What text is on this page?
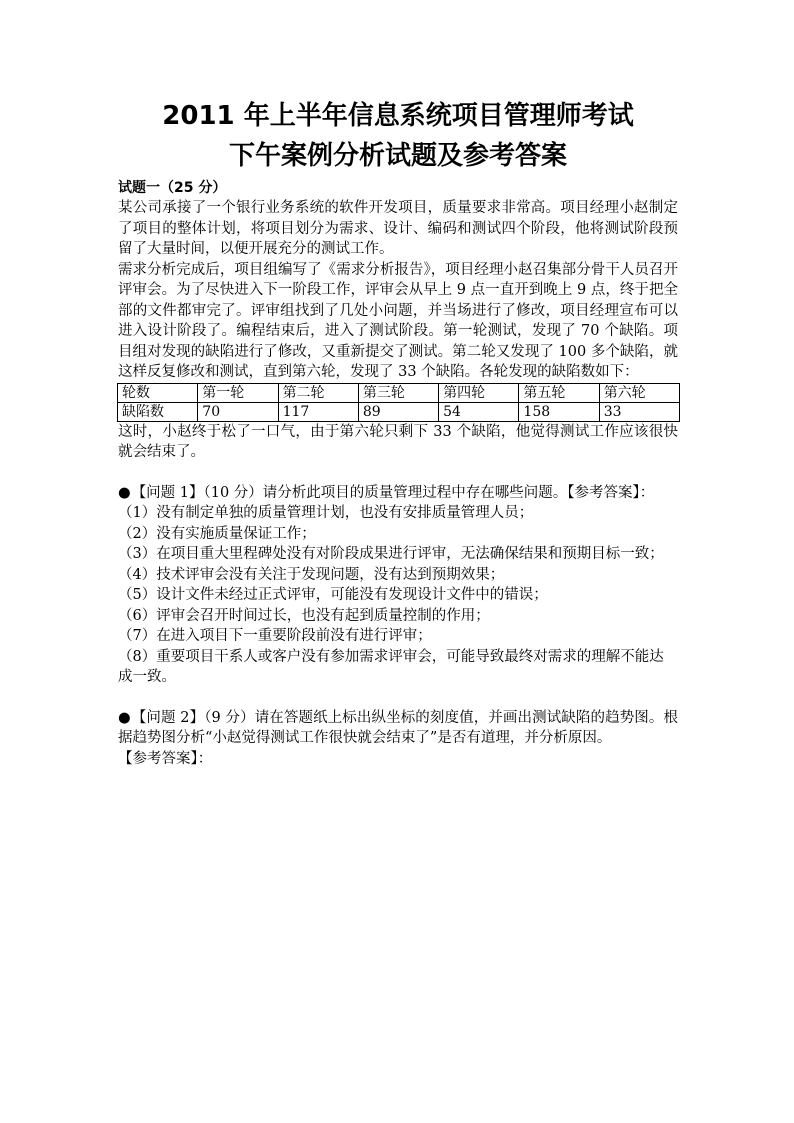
2011 年上半年信息系统项目管理师考试

下午案例分析试题及参考答案

试题一（25 分）

某公司承接了一个银行业务系统的软件开发项目，质量要求非常高。项目经理小赵制定了项目的整体计划，将项目划分为需求、设计、编码和测试四个阶段，他将测试阶段预留了大量时间，以便开展充分的测试工作。

需求分析完成后，项目组编写了《需求分析报告》，项目经理小赵召集部分骨干人员召开评审会。为了尽快进入下一阶段工作，评审会从早上 9 点一直开到晚上 9 点，终于把全部的文件都审完了。评审组找到了几处小问题，并当场进行了修改，项目经理宣布可以进入设计阶段了。编程结束后，进入了测试阶段。第一轮测试，发现了 70 个缺陷。项目组对发现的缺陷进行了修改，又重新提交了测试。第二轮又发现了 100 多个缺陷，就这样反复修改和测试，直到第六轮，发现了 33 个缺陷。各轮发现的缺陷数如下：

轮数	第一轮	第二轮	第三轮	第四轮	第五轮	第六轮
缺陷数	70	117	89	54	158	33

这时，小赵终于松了一口气，由于第六轮只剩下 33 个缺陷，他觉得测试工作应该很快就会结束了。

●【问题 1】（10 分）请分析此项目的质量管理过程中存在哪些问题。【参考答案】：

（1）没有制定单独的质量管理计划，也没有安排质量管理人员；

（2）没有实施质量保证工作；

（3）在项目重大里程碑处没有对阶段成果进行评审，无法确保结果和预期目标一致；

（4）技术评审会没有关注于发现问题，没有达到预期效果；

（5）设计文件未经过正式评审，可能没有发现设计文件中的错误；

（6）评审会召开时间过长，也没有起到质量控制的作用；

（7）在进入项目下一重要阶段前没有进行评审；

（8）重要项目干系人或客户没有参加需求评审会，可能导致最终对需求的理解不能达成一致。

●【问题 2】（9 分）请在答题纸上标出纵坐标的刻度值，并画出测试缺陷的趋势图。根据趋势图分析“小赵觉得测试工作很快就会结束了”是否有道理，并分析原因。

【参考答案】：
